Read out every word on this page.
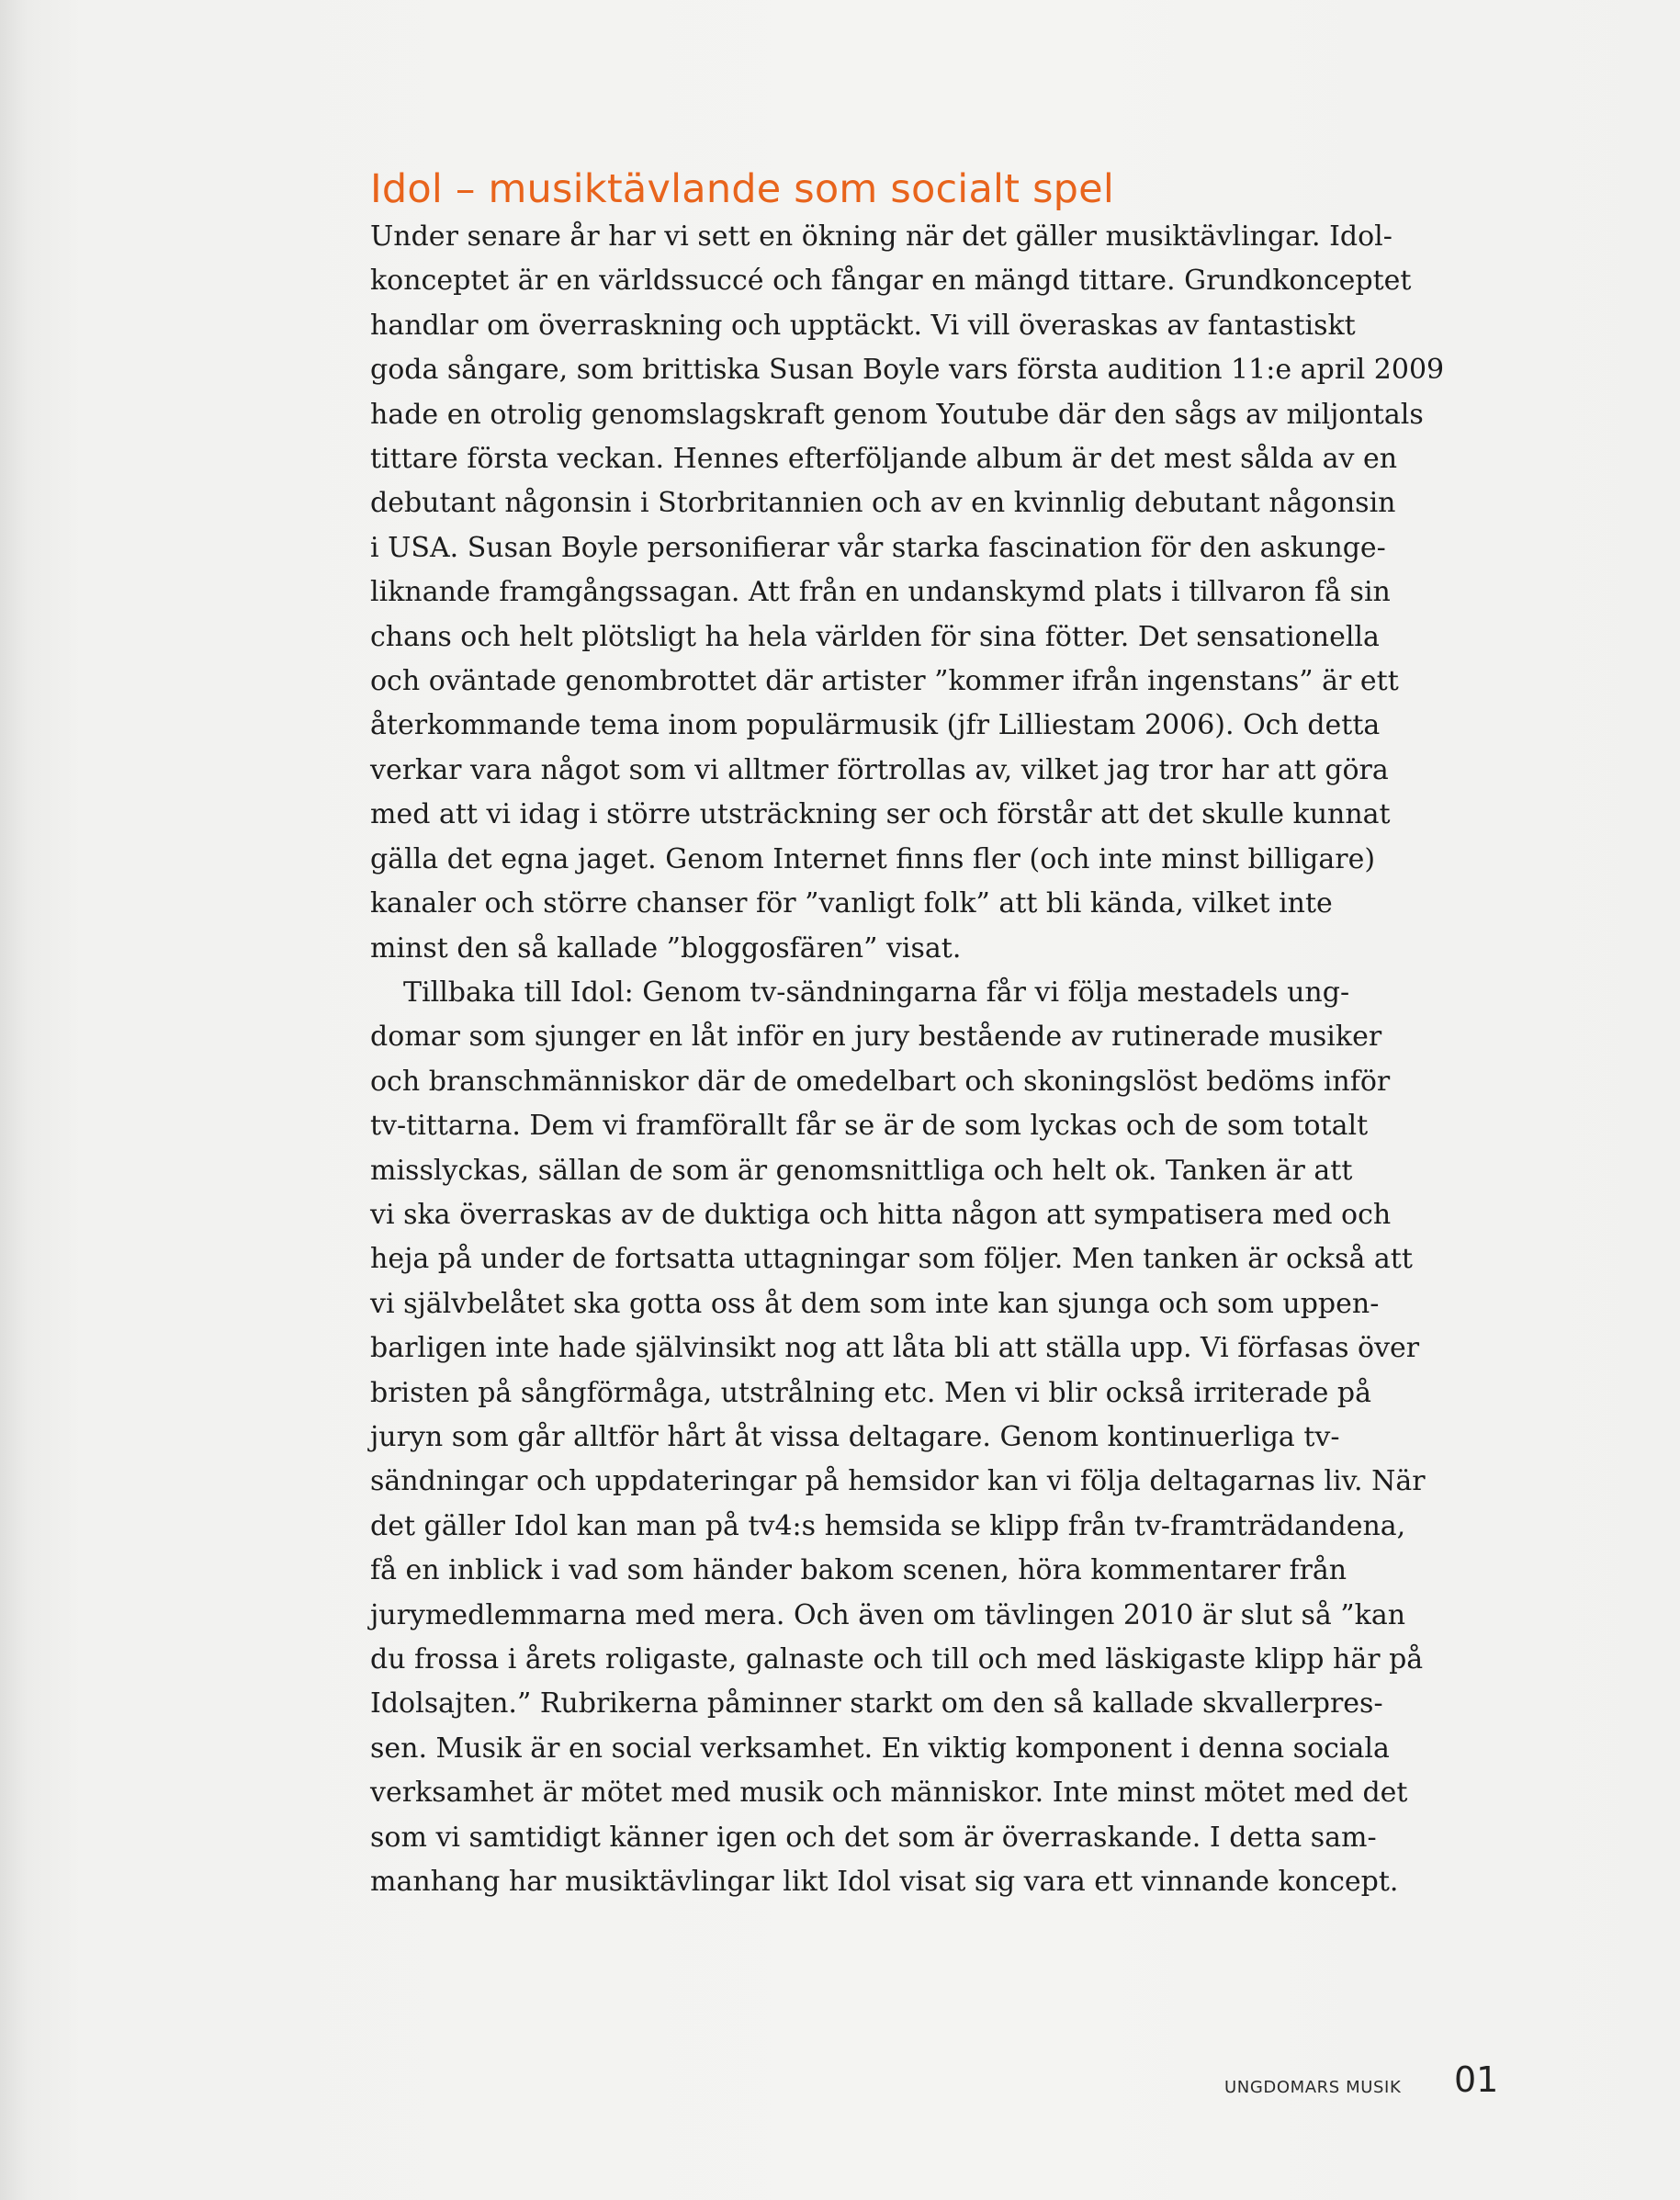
Idol – musiktävlande som socialt spel
Under senare år har vi sett en ökning när det gäller musiktävlingar. Idol-
konceptet är en världssuccé och fångar en mängd tittare. Grundkonceptet
handlar om överraskning och upptäckt. Vi vill överaskas av fantastiskt
goda sångare, som brittiska Susan Boyle vars första audition 11:e april 2009
hade en otrolig genomslagskraft genom Youtube där den sågs av miljontals
tittare första veckan. Hennes efterföljande album är det mest sålda av en
debutant någonsin i Storbritannien och av en kvinnlig debutant någonsin
i USA. Susan Boyle personifierar vår starka fascination för den askunge-
liknande framgångssagan. Att från en undanskymd plats i tillvaron få sin
chans och helt plötsligt ha hela världen för sina fötter. Det sensationella
och oväntade genombrottet där artister ”kommer ifrån ingenstans” är ett
återkommande tema inom populärmusik (jfr Lilliestam 2006). Och detta
verkar vara något som vi alltmer förtrollas av, vilket jag tror har att göra
med att vi idag i större utsträckning ser och förstår att det skulle kunnat
gälla det egna jaget. Genom Internet finns fler (och inte minst billigare)
kanaler och större chanser för ”vanligt folk” att bli kända, vilket inte
minst den så kallade ”bloggosfären” visat.
Tillbaka till Idol: Genom tv-sändningarna får vi följa mestadels ung-
domar som sjunger en låt inför en jury bestående av rutinerade musiker
och branschmänniskor där de omedelbart och skoningslöst bedöms inför
tv-tittarna. Dem vi framförallt får se är de som lyckas och de som totalt
misslyckas, sällan de som är genomsnittliga och helt ok. Tanken är att
vi ska överraskas av de duktiga och hitta någon att sympatisera med och
heja på under de fortsatta uttagningar som följer. Men tanken är också att
vi självbelåtet ska gotta oss åt dem som inte kan sjunga och som uppen-
barligen inte hade självinsikt nog att låta bli att ställa upp. Vi förfasas över
bristen på sångförmåga, utstrålning etc. Men vi blir också irriterade på
juryn som går alltför hårt åt vissa deltagare. Genom kontinuerliga tv-
sändningar och uppdateringar på hemsidor kan vi följa deltagarnas liv. När
det gäller Idol kan man på tv4:s hemsida se klipp från tv-framträdandena,
få en inblick i vad som händer bakom scenen, höra kommentarer från
jurymedlemmarna med mera. Och även om tävlingen 2010 är slut så ”kan
du frossa i årets roligaste, galnaste och till och med läskigaste klipp här på
Idolsajten.” Rubrikerna påminner starkt om den så kallade skvallerpres-
sen. Musik är en social verksamhet. En viktig komponent i denna sociala
verksamhet är mötet med musik och människor. Inte minst mötet med det
som vi samtidigt känner igen och det som är överraskande. I detta sam-
manhang har musiktävlingar likt Idol visat sig vara ett vinnande koncept.
UNGDOMARS MUSIK 01
